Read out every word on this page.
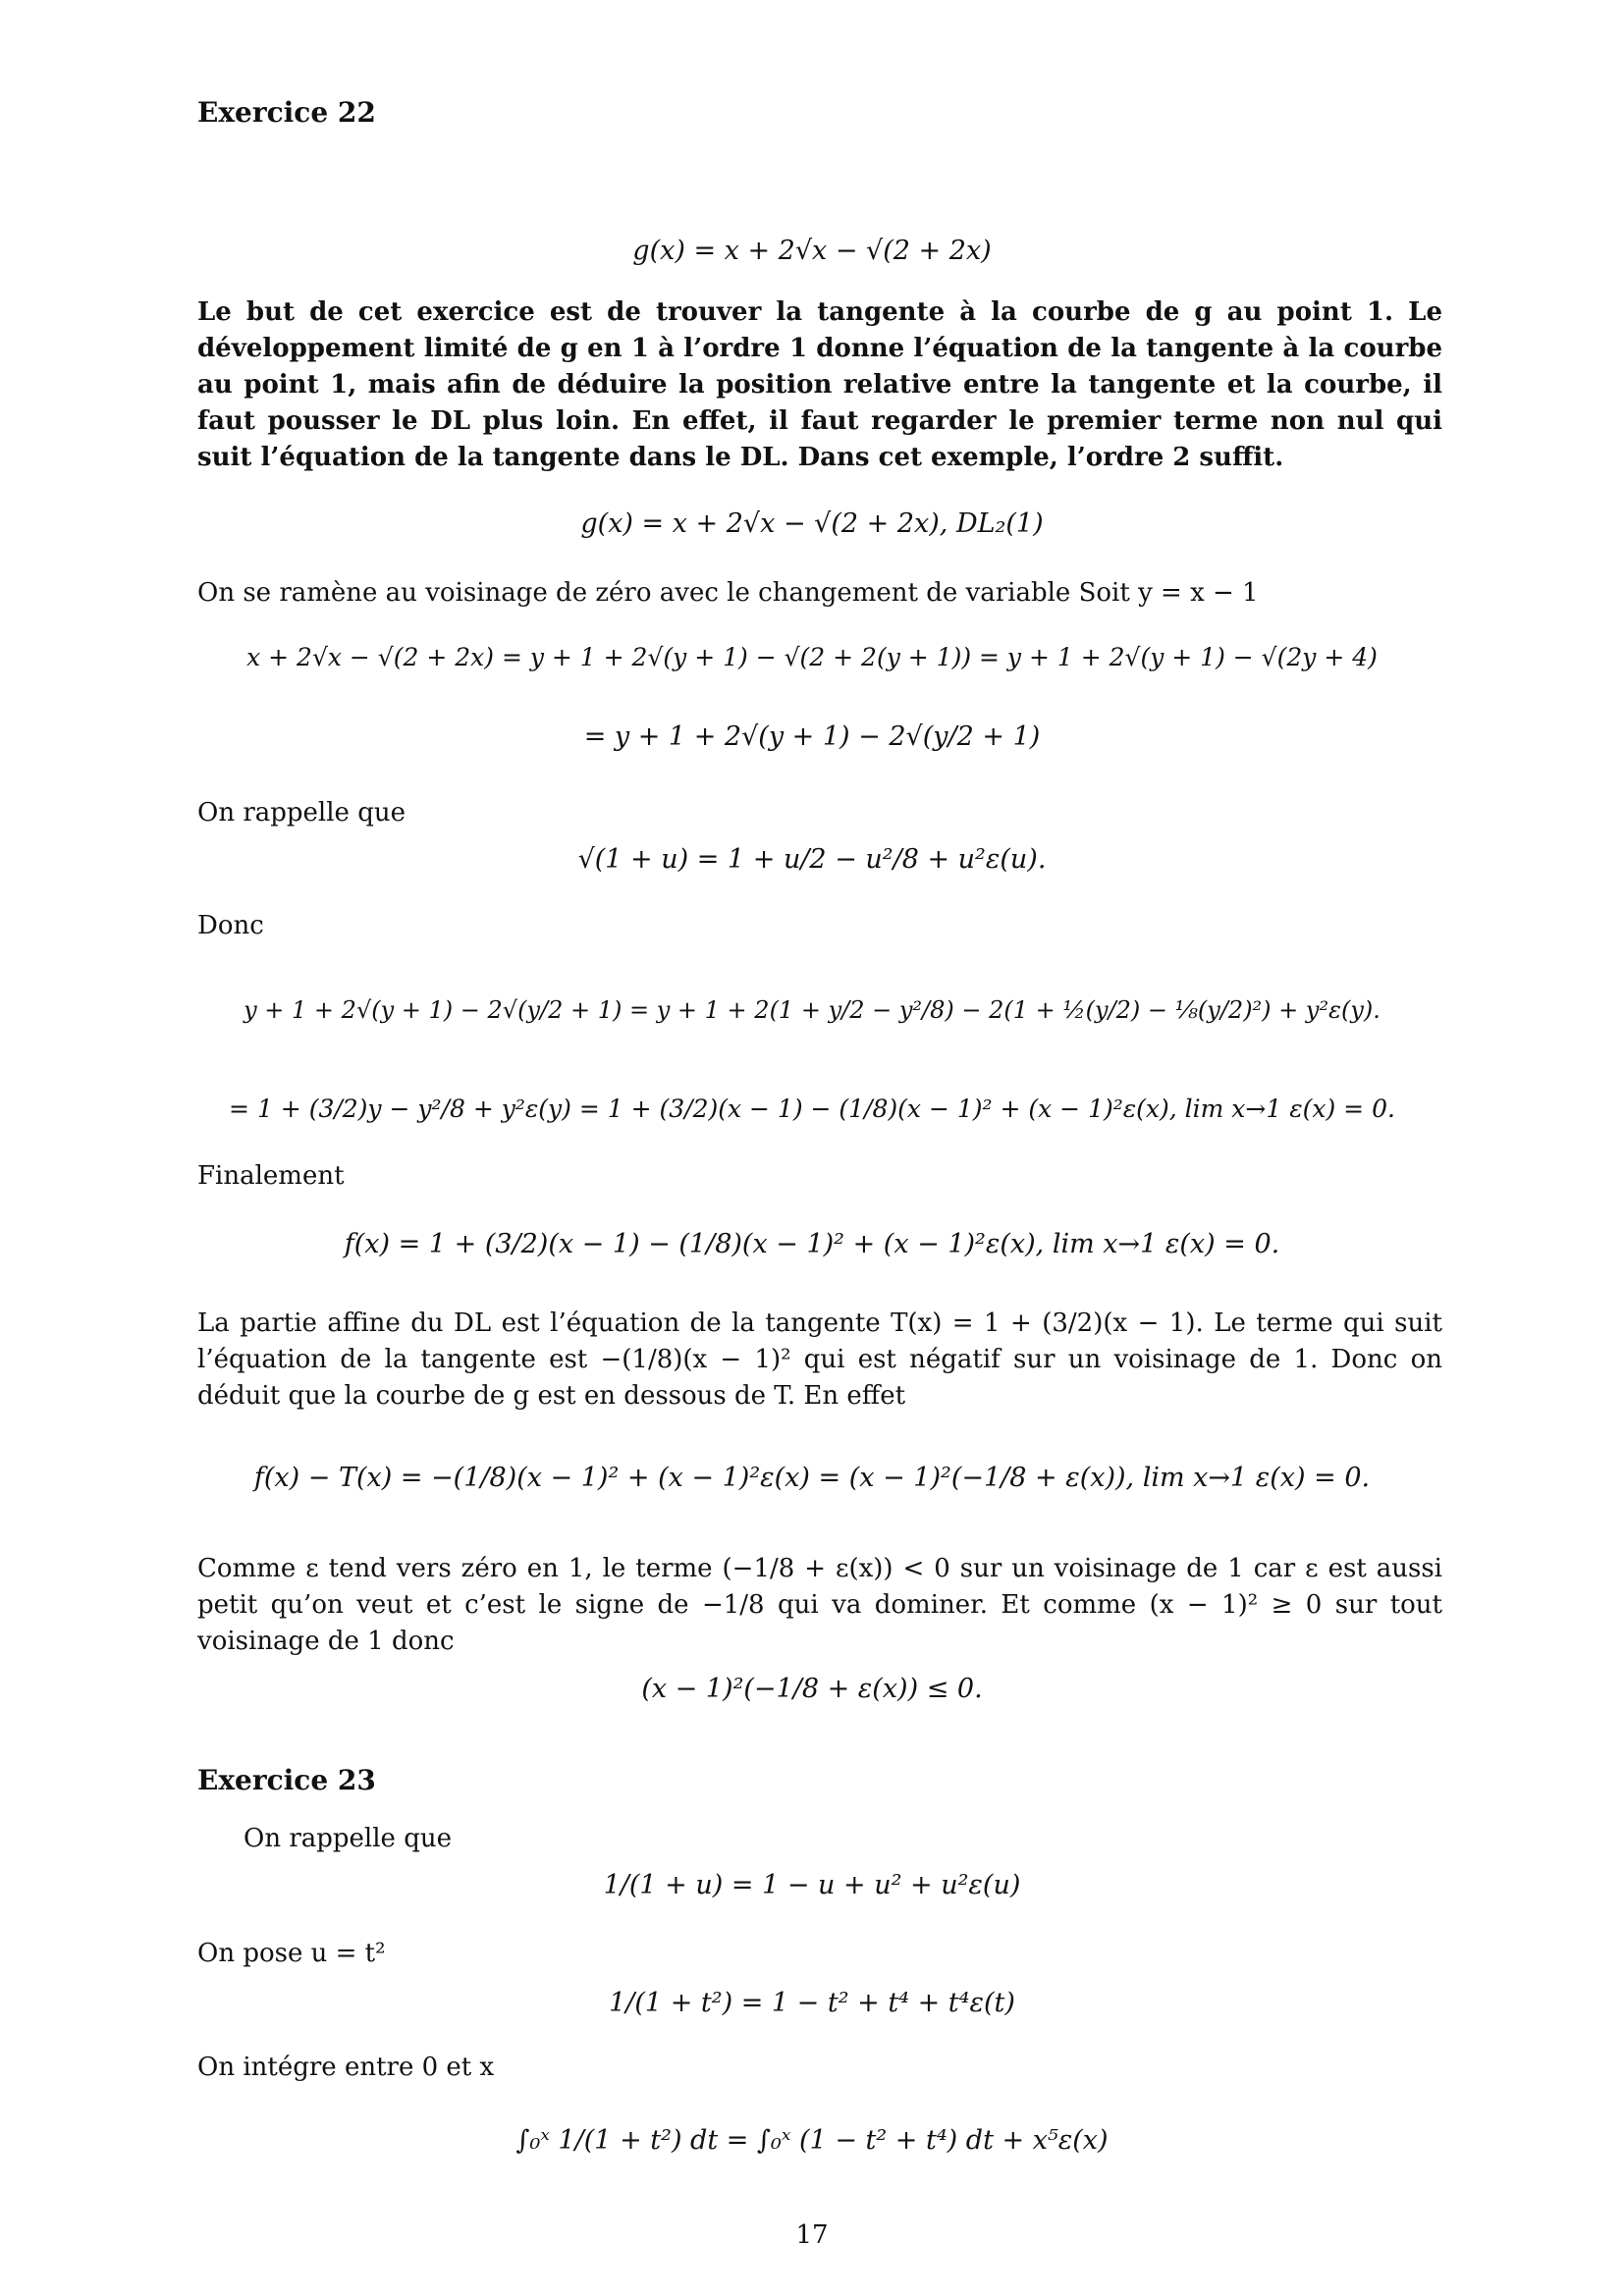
Exercice 22
g(x) = x + 2√x − √(2 + 2x)
Le but de cet exercice est de trouver la tangente à la courbe de g au point 1. Le développement limité de g en 1 à l’ordre 1 donne l’équation de la tangente à la courbe au point 1, mais afin de déduire la position relative entre la tangente et la courbe, il faut pousser le DL plus loin. En effet, il faut regarder le premier terme non nul qui suit l’équation de la tangente dans le DL. Dans cet exemple, l’ordre 2 suffit.
g(x) = x + 2√x − √(2 + 2x), DL₂(1)
On se ramène au voisinage de zéro avec le changement de variable Soit y = x − 1
x + 2√x − √(2 + 2x) = y + 1 + 2√(y + 1) − √(2 + 2(y + 1)) = y + 1 + 2√(y + 1) − √(2y + 4)
= y + 1 + 2√(y + 1) − 2√(y/2 + 1)
On rappelle que
√(1 + u) = 1 + u/2 − u²/8 + u²ε(u).
Donc
y + 1 + 2√(y + 1) − 2√(y/2 + 1) = y + 1 + 2(1 + y/2 − y²/8) − 2(1 + ½(y/2) − ⅛(y/2)²) + y²ε(y).
= 1 + (3/2)y − y²/8 + y²ε(y) = 1 + (3/2)(x − 1) − (1/8)(x − 1)² + (x − 1)²ε(x), lim x→1 ε(x) = 0.
Finalement
f(x) = 1 + (3/2)(x − 1) − (1/8)(x − 1)² + (x − 1)²ε(x), lim x→1 ε(x) = 0.
La partie affine du DL est l’équation de la tangente T(x) = 1 + (3/2)(x − 1). Le terme qui suit l’équation de la tangente est −(1/8)(x − 1)² qui est négatif sur un voisinage de 1. Donc on déduit que la courbe de g est en dessous de T. En effet
f(x) − T(x) = −(1/8)(x − 1)² + (x − 1)²ε(x) = (x − 1)²(−1/8 + ε(x)), lim x→1 ε(x) = 0.
Comme ε tend vers zéro en 1, le terme (−1/8 + ε(x)) < 0 sur un voisinage de 1 car ε est aussi petit qu’on veut et c’est le signe de −1/8 qui va dominer. Et comme (x − 1)² ≥ 0 sur tout voisinage de 1 donc
(x − 1)²(−1/8 + ε(x)) ≤ 0.
Exercice 23
On rappelle que
1/(1 + u) = 1 − u + u² + u²ε(u)
On pose u = t²
1/(1 + t²) = 1 − t² + t⁴ + t⁴ε(t)
On intégre entre 0 et x
∫₀ˣ 1/(1 + t²) dt = ∫₀ˣ (1 − t² + t⁴) dt + x⁵ε(x)
17
